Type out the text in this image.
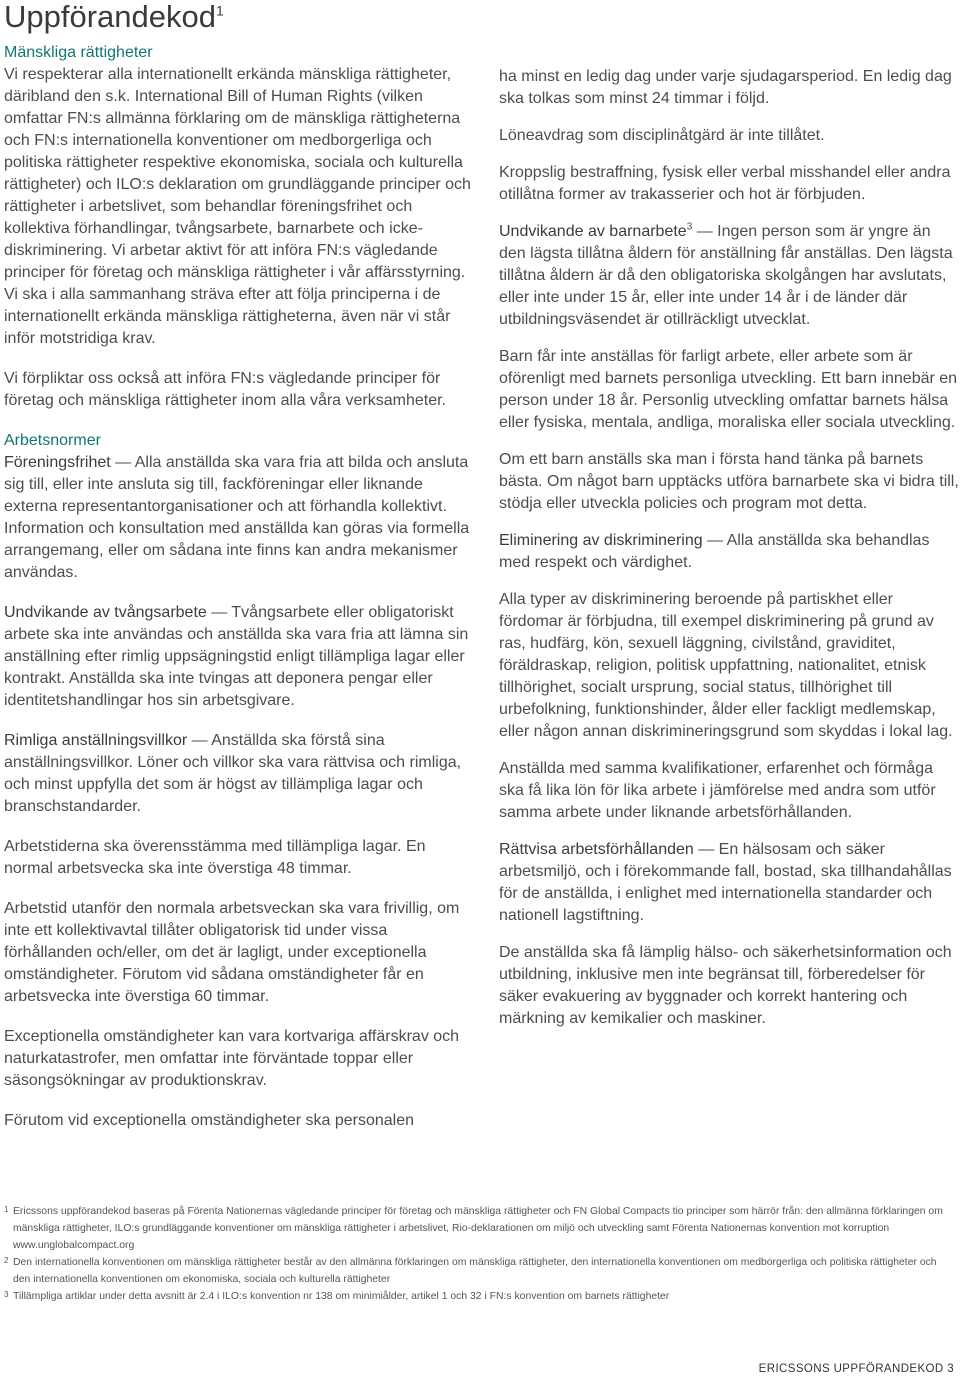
Uppförandekod$^1$
Mänskliga rättigheter

Vi respekterar alla internationellt erkända mänskliga rättigheter, däribland den s.k. International Bill of Human Rights (vilken omfattar FN:s allmänna förklaring om de mänskliga rättigheterna och FN:s internationella konventioner om medborgerliga och politiska rättigheter respektive ekonomiska, sociala och kulturella rättigheter) och ILO:s deklaration om grundläggande principer och rättigheter i arbetslivet, som behandlar föreningsfrihet och kollektiva förhandlingar, tvångsarbete, barnarbete och icke-diskriminering. Vi arbetar aktivt för att införa FN:s vägledande principer för företag och mänskliga rättigheter i vår affärsstyrning. Vi ska i alla sammanhang sträva efter att följa principerna i de internationellt erkända mänskliga rättigheterna, även när vi står inför motstridiga krav.

Vi förpliktar oss också att införa FN:s vägledande principer för företag och mänskliga rättigheter inom alla våra verksamheter.

Arbetsnormer

Föreningsfrihet — Alla anställda ska vara fria att bilda och ansluta sig till, eller inte ansluta sig till, fackföreningar eller liknande externa representantorganisationer och att förhandla kollektivt. Information och konsultation med anställda kan göras via formella arrangemang, eller om sådana inte finns kan andra mekanismer användas.

Undvikande av tvångsarbete — Tvångsarbete eller obligatoriskt arbete ska inte användas och anställda ska vara fria att lämna sin anställning efter rimlig uppsägningstid enligt tillämpliga lagar eller kontrakt. Anställda ska inte tvingas att deponera pengar eller identitetshandlingar hos sin arbetsgivare.

Rimliga anställningsvillkor — Anställda ska förstå sina anställningsvillkor. Löner och villkor ska vara rättvisa och rimliga, och minst uppfylla det som är högst av tillämpliga lagar och branschstandarder.

Arbetstiderna ska överensstämma med tillämpliga lagar. En normal arbetsvecka ska inte överstiga 48 timmar.

Arbetstid utanför den normala arbetsveckan ska vara frivillig, om inte ett kollektivavtal tillåter obligatorisk tid under vissa förhållanden och/eller, om det är lagligt, under exceptionella omständigheter. Förutom vid sådana omständigheter får en arbetsvecka inte överstiga 60 timmar.

Exceptionella omständigheter kan vara kortvariga affärskrav och naturkatastrofer, men omfattar inte förväntade toppar eller säsongsökningar av produktionskrav.

Förutom vid exceptionella omständigheter ska personalen

ha minst en ledig dag under varje sjudagarsperiod. En ledig dag ska tolkas som minst 24 timmar i följd.

Löneavdrag som disciplinåtgärd är inte tillåtet.

Kroppslig bestraffning, fysisk eller verbal misshandel eller andra otillåtna former av trakasserier och hot är förbjuden.

Undvikande av barnarbete$^3$ — Ingen person som är yngre än den lägsta tillåtna åldern för anställning får anställas. Den lägsta tillåtna åldern är då den obligatoriska skolgången har avslutats, eller inte under 15 år, eller inte under 14 år i de länder där utbildningsväsendet är otillräckligt utvecklat.

Barn får inte anställas för farligt arbete, eller arbete som är oförenligt med barnets personliga utveckling. Ett barn innebär en person under 18 år. Personlig utveckling omfattar barnets hälsa eller fysiska, mentala, andliga, moraliska eller sociala utveckling.

Om ett barn anställs ska man i första hand tänka på barnets bästa. Om något barn upptäcks utföra barnarbete ska vi bidra till, stödja eller utveckla policies och program mot detta.

Eliminering av diskriminering — Alla anställda ska behandlas med respekt och värdighet.

Alla typer av diskriminering beroende på partiskhet eller fördomar är förbjudna, till exempel diskriminering på grund av ras, hudfärg, kön, sexuell läggning, civilstånd, graviditet, föräldraskap, religion, politisk uppfattning, nationalitet, etnisk tillhörighet, socialt ursprung, social status, tillhörighet till urbefolkning, funktionshinder, ålder eller fackligt medlemskap, eller någon annan diskrimineringsgrund som skyddas i lokal lag.

Anställda med samma kvalifikationer, erfarenhet och förmåga ska få lika lön för lika arbete i jämförelse med andra som utför samma arbete under liknande arbetsförhållanden.

Rättvisa arbetsförhållanden — En hälsosam och säker arbetsmiljö, och i förekommande fall, bostad, ska tillhandahållas för de anställda, i enlighet med internationella standarder och nationell lagstiftning.

De anställda ska få lämplig hälso- och säkerhetsinformation och utbildning, inklusive men inte begränsat till, förberedelser för säker evakuering av byggnader och korrekt hantering och märkning av kemikalier och maskiner.

1 Ericssons uppförandekod baseras på Förenta Nationernas vägledande principer för företag och mänskliga rättigheter och FN Global Compacts tio principer som härrör från: den allmänna förklaringen om mänskliga rättigheter, ILO:s grundläggande konventioner om mänskliga rättigheter i arbetslivet, Rio-deklarationen om miljö och utveckling samt Förenta Nationernas konvention mot korruption www.unglobalcompact.org

2 Den internationella konventionen om mänskliga rättigheter består av den allmänna förklaringen om mänskliga rättigheter, den internationella konventionen om medborgerliga och politiska rättigheter och den internationella konventionen om ekonomiska, sociala och kulturella rättigheter

3 Tillämpliga artiklar under detta avsnitt är 2.4 i ILO:s konvention nr 138 om minimiålder, artikel 1 och 32 i FN:s konvention om barnets rättigheter

ERICSSONS UPPFÖRANDEKOD 3
